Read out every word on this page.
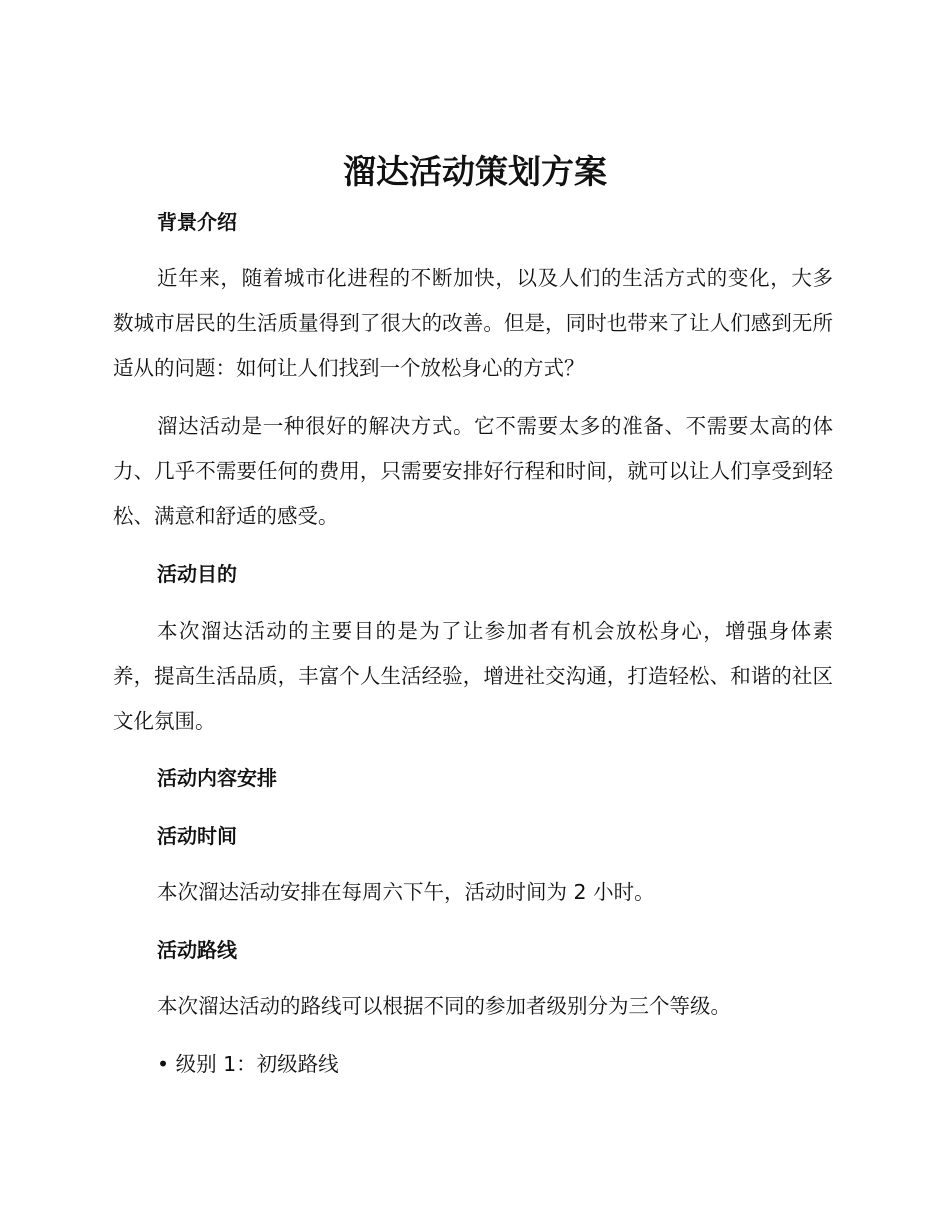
溜达活动策划方案
背景介绍
近年来，随着城市化进程的不断加快，以及人们的生活方式的变化，大多数城市居民的生活质量得到了很大的改善。但是，同时也带来了让人们感到无所适从的问题：如何让人们找到一个放松身心的方式？
溜达活动是一种很好的解决方式。它不需要太多的准备、不需要太高的体力、几乎不需要任何的费用，只需要安排好行程和时间，就可以让人们享受到轻松、满意和舒适的感受。
活动目的
本次溜达活动的主要目的是为了让参加者有机会放松身心，增强身体素养，提高生活品质，丰富个人生活经验，增进社交沟通，打造轻松、和谐的社区文化氛围。
活动内容安排
活动时间
本次溜达活动安排在每周六下午，活动时间为 2 小时。
活动路线
本次溜达活动的路线可以根据不同的参加者级别分为三个等级。
• 级别 1：初级路线
